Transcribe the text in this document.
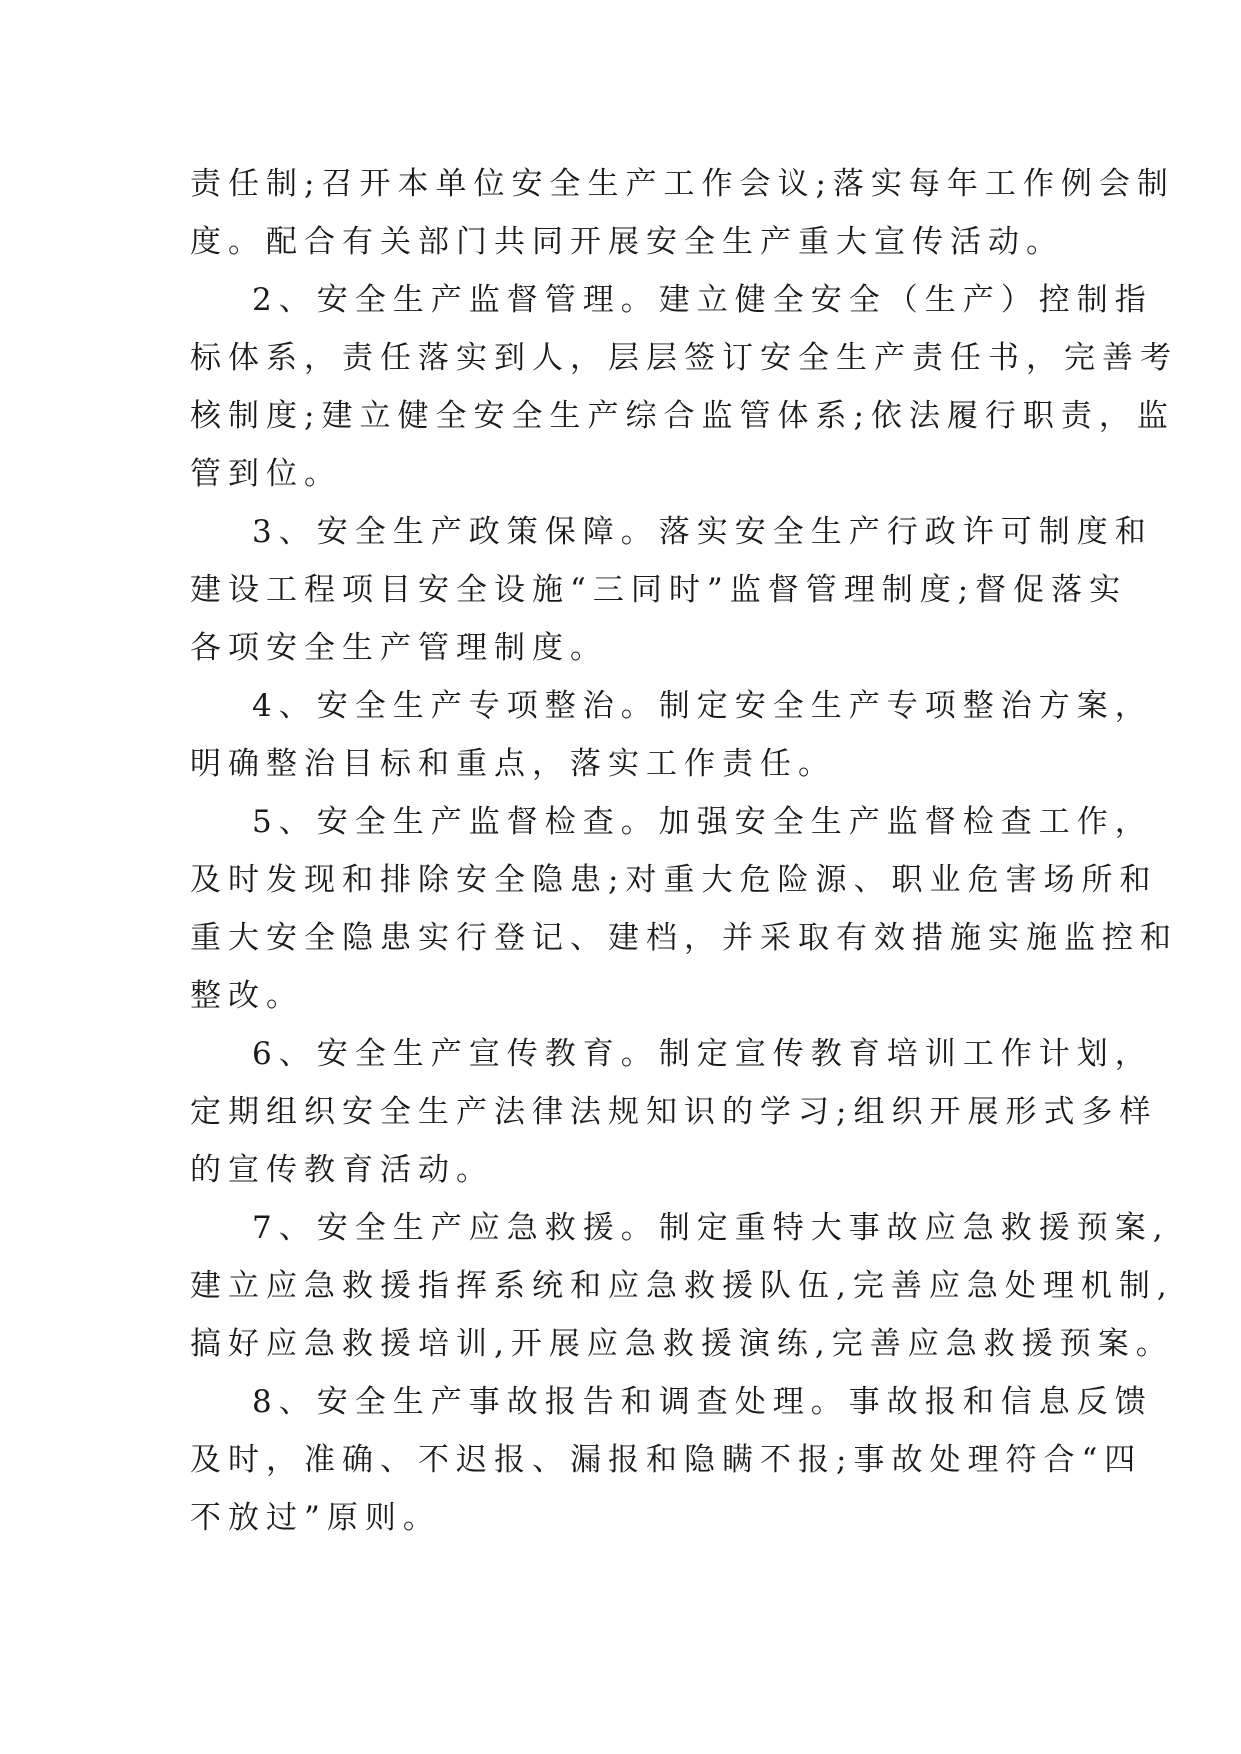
责任制;召开本单位安全生产工作会议;落实每年工作例会制
度。配合有关部门共同开展安全生产重大宣传活动。
2、安全生产监督管理。建立健全安全（生产）控制指
标体系，责任落实到人，层层签订安全生产责任书，完善考
核制度;建立健全安全生产综合监管体系;依法履行职责，监
管到位。
3、安全生产政策保障。落实安全生产行政许可制度和
建设工程项目安全设施“三同时”监督管理制度;督促落实
各项安全生产管理制度。
4、安全生产专项整治。制定安全生产专项整治方案，
明确整治目标和重点，落实工作责任。
5、安全生产监督检查。加强安全生产监督检查工作，
及时发现和排除安全隐患;对重大危险源、职业危害场所和
重大安全隐患实行登记、建档，并采取有效措施实施监控和
整改。
6、安全生产宣传教育。制定宣传教育培训工作计划，
定期组织安全生产法律法规知识的学习;组织开展形式多样
的宣传教育活动。
7、安全生产应急救援。制定重特大事故应急救援预案,
建立应急救援指挥系统和应急救援队伍,完善应急处理机制,
搞好应急救援培训,开展应急救援演练,完善应急救援预案。
8、安全生产事故报告和调查处理。事故报和信息反馈
及时，准确、不迟报、漏报和隐瞒不报;事故处理符合“四
不放过”原则。
